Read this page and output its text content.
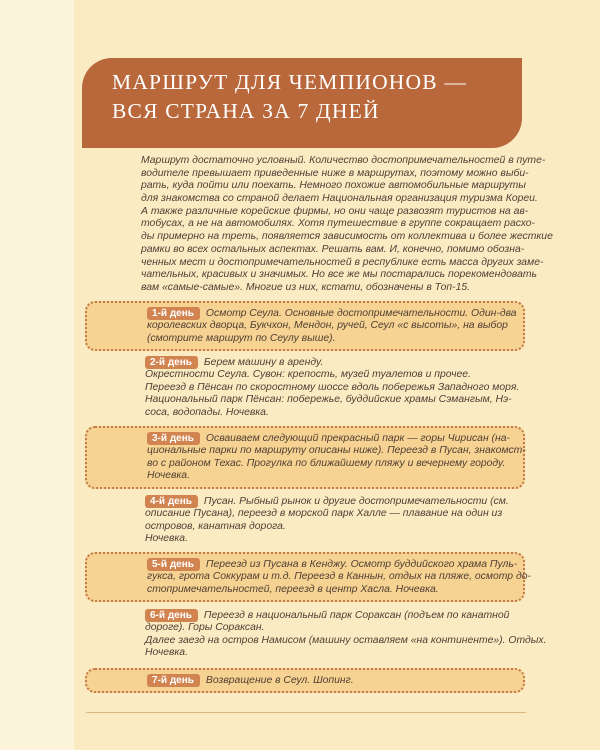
МАРШРУТ ДЛЯ ЧЕМПИОНОВ —
ВСЯ СТРАНА ЗА 7 ДНЕЙ
Маршрут достаточно условный. Количество достопримечательностей в путе-
водителе превышает приведенные ниже в маршрутах, поэтому можно выби-
рать, куда пойти или поехать. Немного похожие автомобильные маршруты
для знакомства со страной делает Национальная организация туризма Кореи.
А также различные корейские фирмы, но они чаще развозят туристов на ав-
тобусах, а не на автомобилях. Хотя путешествие в группе сокращает расхо-
ды примерно на треть, появляется зависимость от коллектива и более жесткие
рамки во всех остальных аспектах. Решать вам. И, конечно, помимо обозна-
ченных мест и достопримечательностей в республике есть масса других заме-
чательных, красивых и значимых. Но все же мы постарались порекомендовать
вам «самые-самые». Многие из них, кстати, обозначены в Топ-15.
1-й день Осмотр Сеула. Основные достопримечательности. Один-два
королевских дворца, Букчхон, Мендон, ручей, Сеул «с высоты», на выбор
(смотрите маршрут по Сеулу выше).
2-й день Берем машину в аренду.
Окрестности Сеула. Сувон: крепость, музей туалетов и прочее.
Переезд в Пёнсан по скоростному шоссе вдоль побережья Западного моря.
Национальный парк Пёнсан: побережье, буддийские храмы Сэмангым, Нэ-
соса, водопады. Ночевка.
3-й день Осваиваем следующий прекрасный парк — горы Чирисан (на-
циональные парки по маршруту описаны ниже). Переезд в Пусан, знакомст-
во с районом Техас. Прогулка по ближайшему пляжу и вечернему городу.
Ночевка.
4-й день Пусан. Рыбный рынок и другие достопримечательности (см.
описание Пусана), переезд в морской парк Халле — плавание на один из
островов, канатная дорога.
Ночевка.
5-й день Переезд из Пусана в Кенджу. Осмотр буддийского храма Пуль-
гукса, грота Соккурам и т.д. Переезд в Каннын, отдых на пляже, осмотр до-
стопримечательностей, переезд в центр Хасла. Ночевка.
6-й день Переезд в национальный парк Сораксан (подъем по канатной
дороге). Горы Сораксан.
Далее заезд на остров Намисом (машину оставляем «на континенте»). Отдых.
Ночевка.
7-й день Возвращение в Сеул. Шопинг.
